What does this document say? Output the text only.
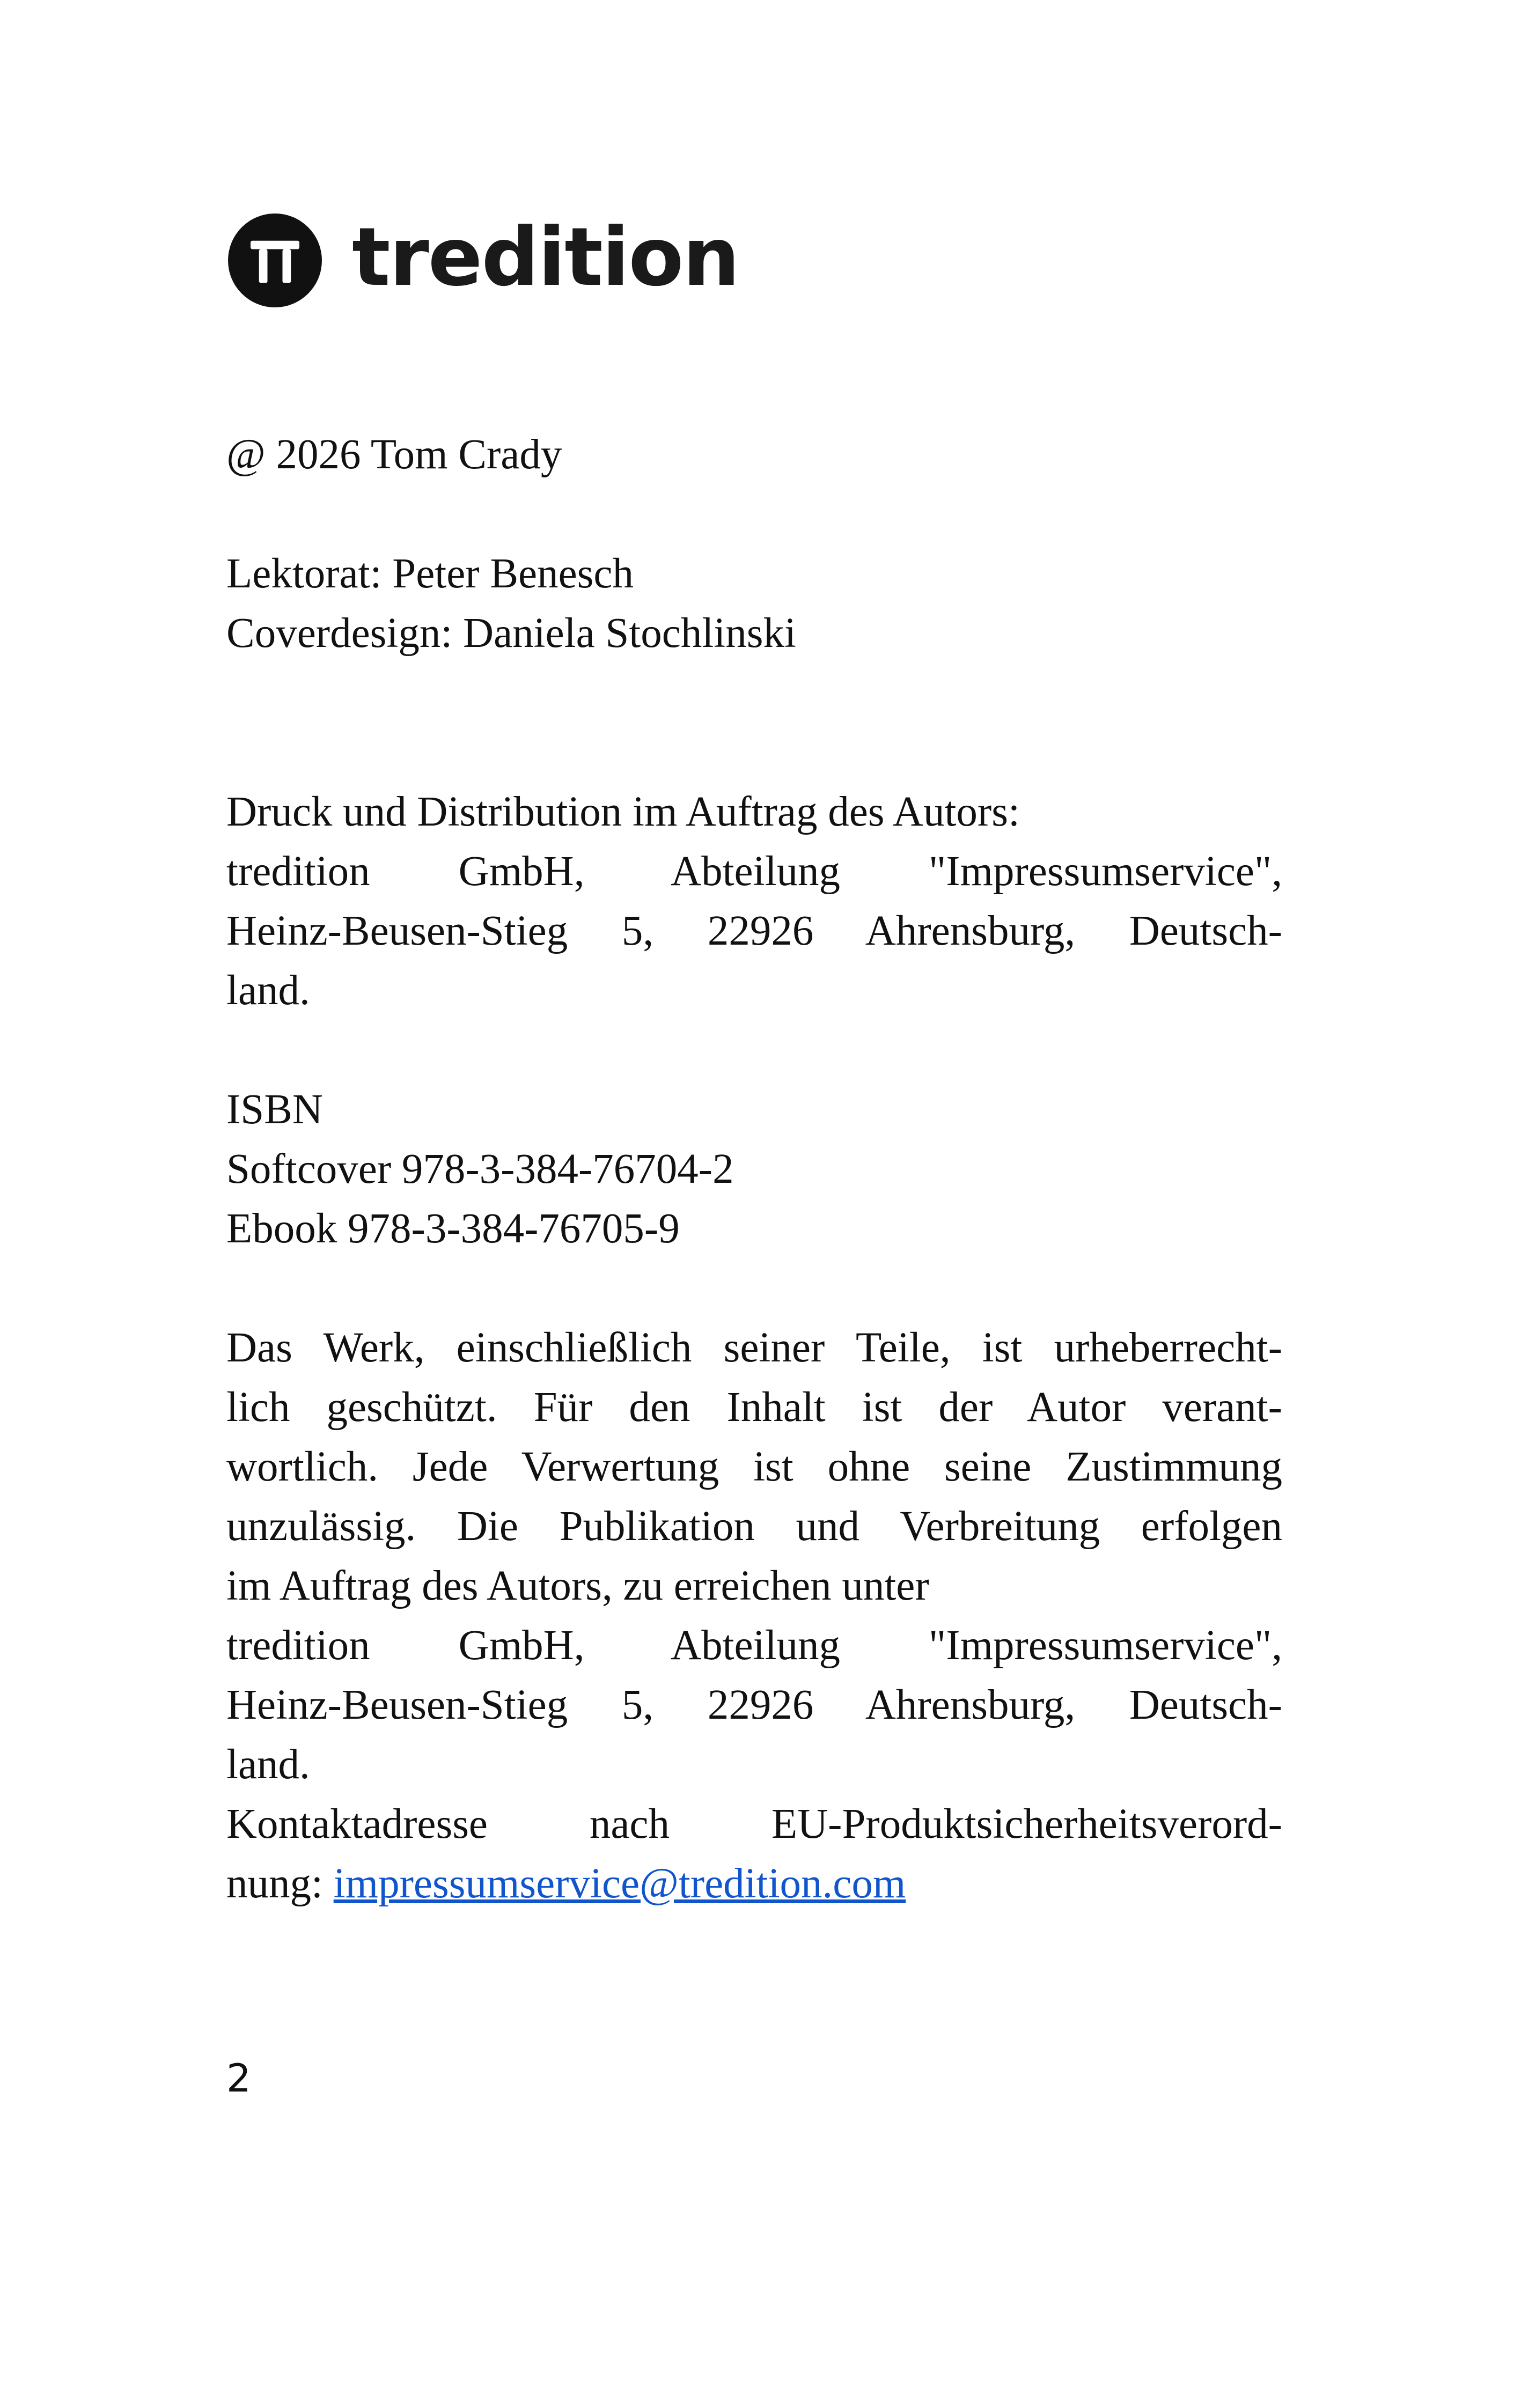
tredition
@ 2026 Tom Crady
Lektorat: Peter Benesch
Coverdesign: Daniela Stochlinski
Druck und Distribution im Auftrag des Autors:
tredition GmbH, Abteilung "Impressumservice",
Heinz-Beusen-Stieg 5, 22926 Ahrensburg, Deutsch-
land.
ISBN
Softcover 978-3-384-76704-2
Ebook 978-3-384-76705-9
Das Werk, einschließlich seiner Teile, ist urheberrecht-
lich geschützt. Für den Inhalt ist der Autor verant-
wortlich. Jede Verwertung ist ohne seine Zustimmung
unzulässig. Die Publikation und Verbreitung erfolgen
im Auftrag des Autors, zu erreichen unter
tredition GmbH, Abteilung "Impressumservice",
Heinz-Beusen-Stieg 5, 22926 Ahrensburg, Deutsch-
land.
Kontaktadresse nach EU-Produktsicherheitsverord-
nung: impressumservice@tredition.com
2
